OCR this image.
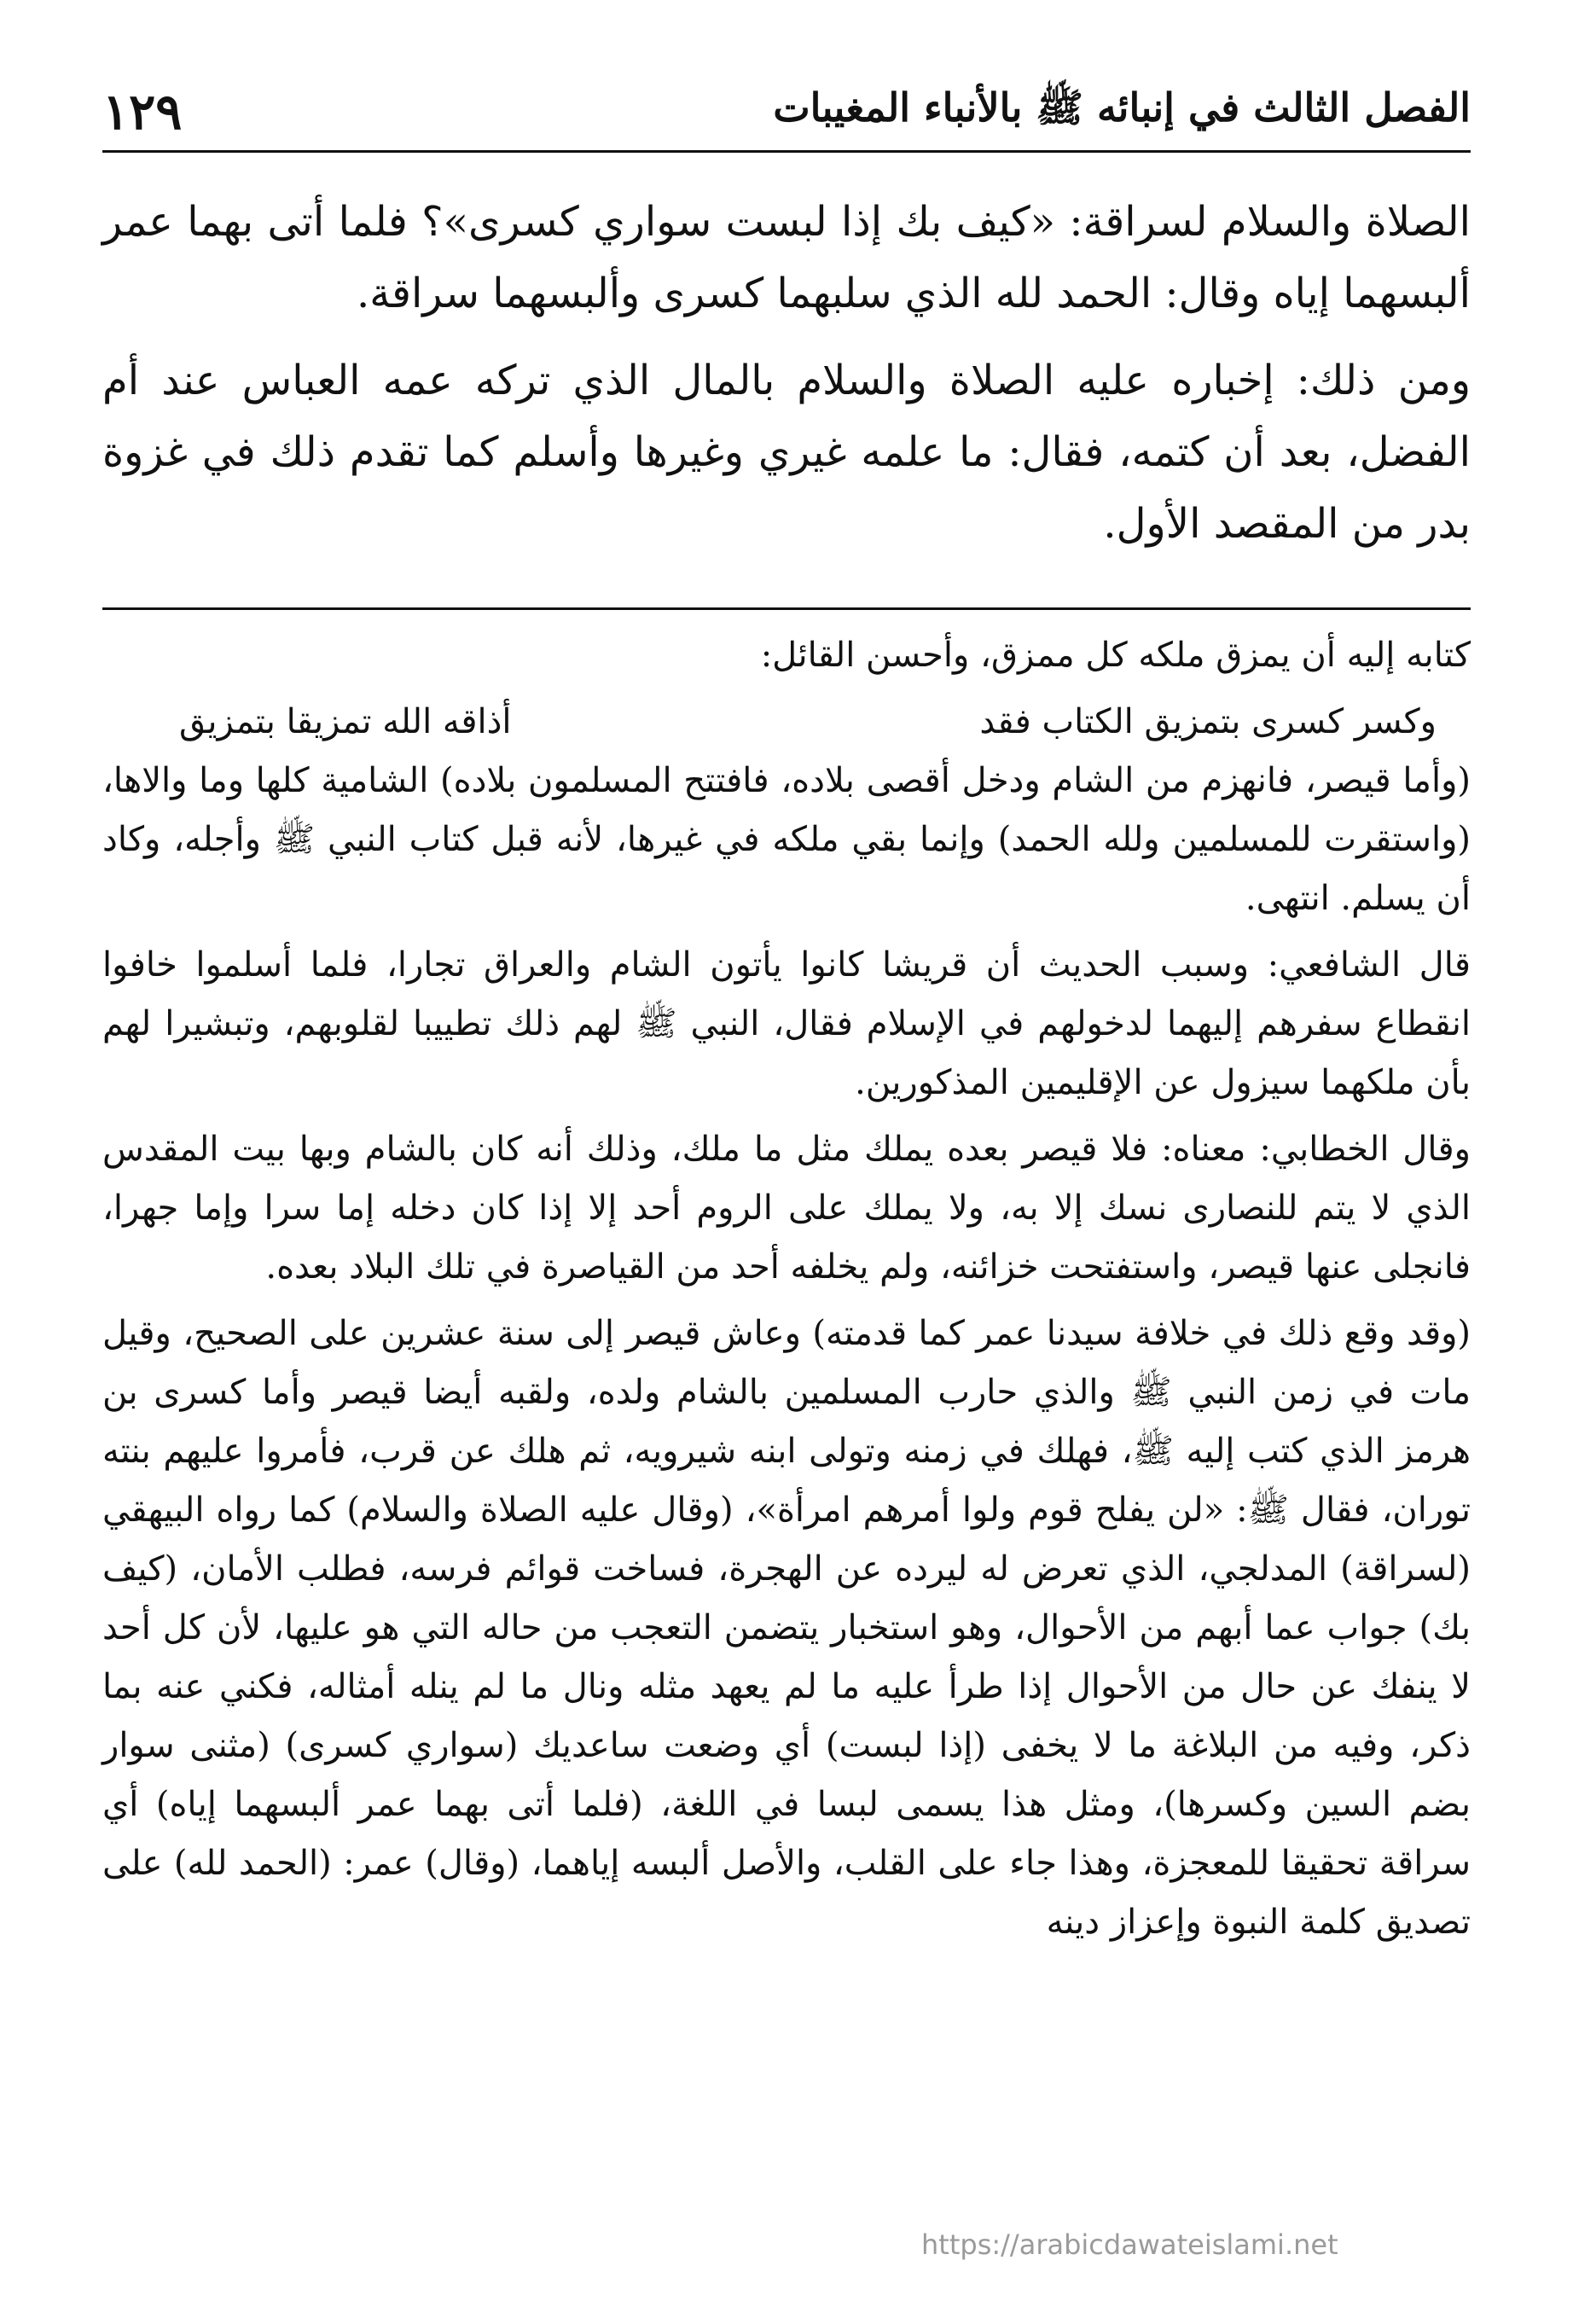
الفصل الثالث في إنبائه ﷺ بالأنباء المغيبات
١٢٩

الصلاة والسلام لسراقة: «كيف بك إذا لبست سواري كسرى»؟ فلما أتى بهما عمر ألبسهما إياه وقال: الحمد لله الذي سلبهما كسرى وألبسهما سراقة.

ومن ذلك: إخباره عليه الصلاة والسلام بالمال الذي تركه عمه العباس عند أم الفضل، بعد أن كتمه، فقال: ما علمه غيري وغيرها وأسلم كما تقدم ذلك في غزوة بدر من المقصد الأول.

كتابه إليه أن يمزق ملكه كل ممزق، وأحسن القائل:

وكسر كسرى بتمزيق الكتاب فقد
أذاقه الله تمزيقا بتمزيق

(وأما قيصر، فانهزم من الشام ودخل أقصى بلاده، فافتتح المسلمون بلاده) الشامية كلها وما والاها، (واستقرت للمسلمين ولله الحمد) وإنما بقي ملكه في غيرها، لأنه قبل كتاب النبي ﷺ وأجله، وكاد أن يسلم. انتهى.

قال الشافعي: وسبب الحديث أن قريشا كانوا يأتون الشام والعراق تجارا، فلما أسلموا خافوا انقطاع سفرهم إليهما لدخولهم في الإسلام فقال، النبي ﷺ لهم ذلك تطييبا لقلوبهم، وتبشيرا لهم بأن ملكهما سيزول عن الإقليمين المذكورين.

وقال الخطابي: معناه: فلا قيصر بعده يملك مثل ما ملك، وذلك أنه كان بالشام وبها بيت المقدس الذي لا يتم للنصارى نسك إلا به، ولا يملك على الروم أحد إلا إذا كان دخله إما سرا وإما جهرا، فانجلى عنها قيصر، واستفتحت خزائنه، ولم يخلفه أحد من القياصرة في تلك البلاد بعده.

(وقد وقع ذلك في خلافة سيدنا عمر كما قدمته) وعاش قيصر إلى سنة عشرين على الصحيح، وقيل مات في زمن النبي ﷺ والذي حارب المسلمين بالشام ولده، ولقبه أيضا قيصر وأما كسرى بن هرمز الذي كتب إليه ﷺ، فهلك في زمنه وتولى ابنه شيرويه، ثم هلك عن قرب، فأمروا عليهم بنته توران، فقال ﷺ: «لن يفلح قوم ولوا أمرهم امرأة»، (وقال عليه الصلاة والسلام) كما رواه البيهقي (لسراقة) المدلجي، الذي تعرض له ليرده عن الهجرة، فساخت قوائم فرسه، فطلب الأمان، (كيف بك) جواب عما أبهم من الأحوال، وهو استخبار يتضمن التعجب من حاله التي هو عليها، لأن كل أحد لا ينفك عن حال من الأحوال إذا طرأ عليه ما لم يعهد مثله ونال ما لم ينله أمثاله، فكني عنه بما ذكر، وفيه من البلاغة ما لا يخفى (إذا لبست) أي وضعت ساعديك (سواري كسرى) (مثنى سوار بضم السين وكسرها)، ومثل هذا يسمى لبسا في اللغة، (فلما أتى بهما عمر ألبسهما إياه) أي سراقة تحقيقا للمعجزة، وهذا جاء على القلب، والأصل ألبسه إياهما، (وقال) عمر: (الحمد لله) على تصديق كلمة النبوة وإعزاز دينه

https://arabicdawateislami.net
